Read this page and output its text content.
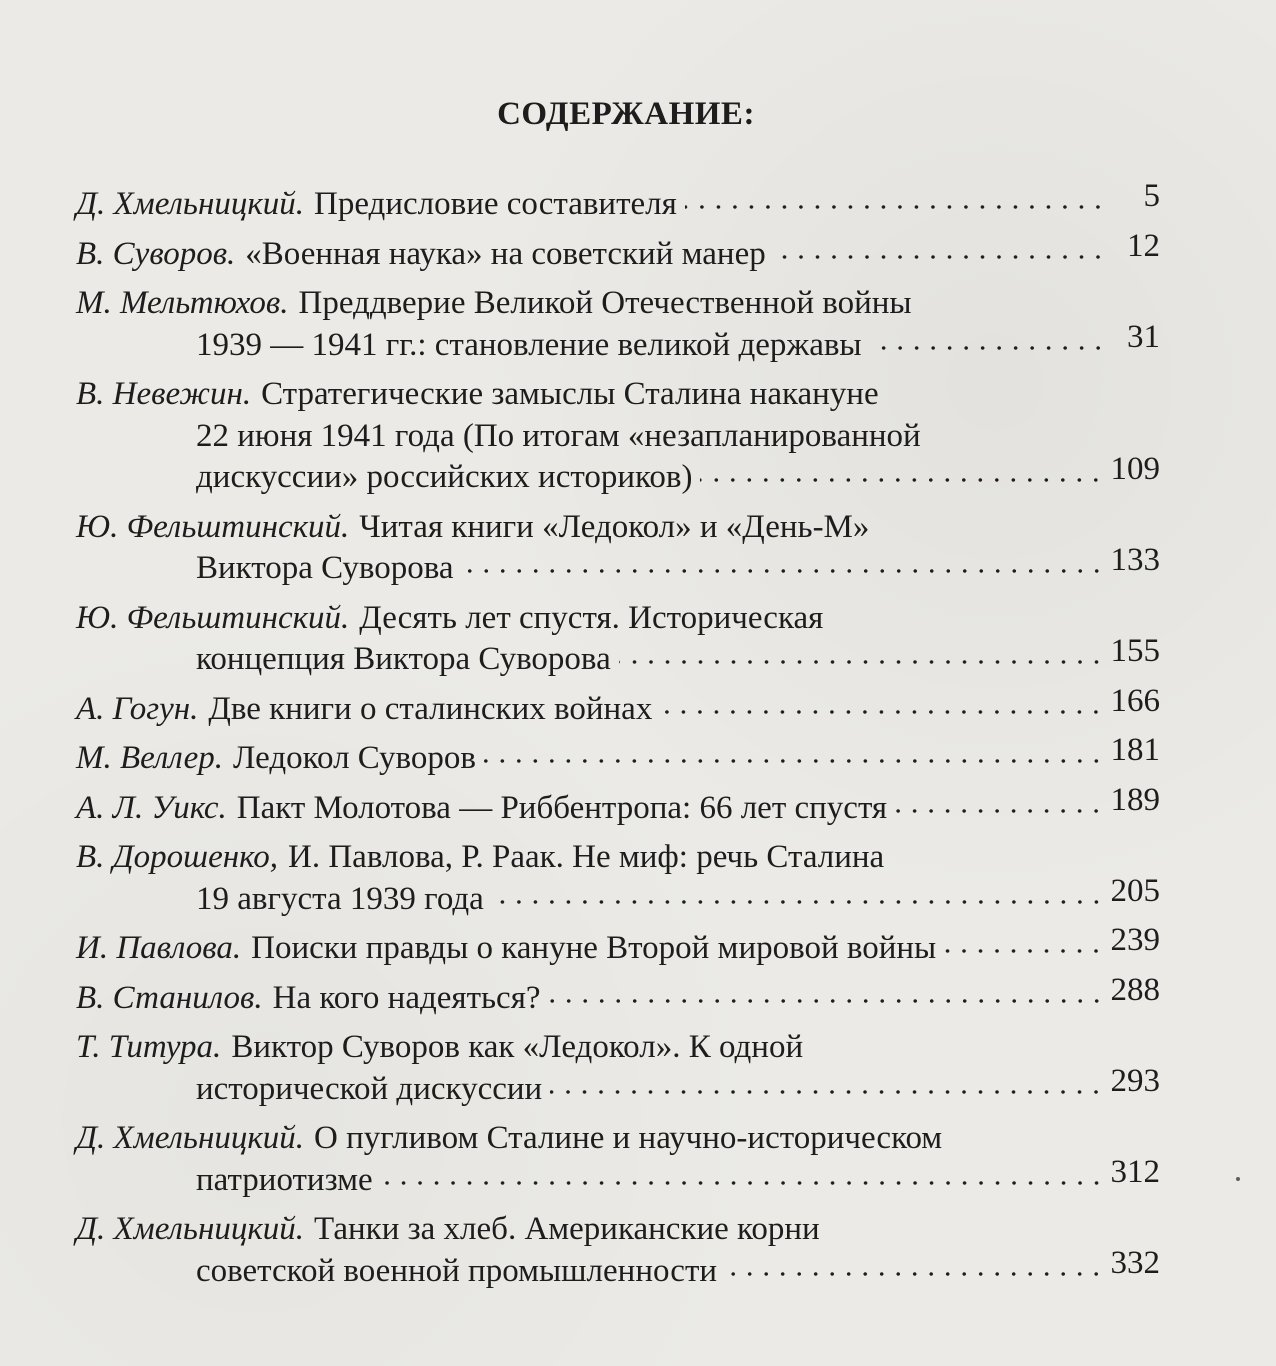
СОДЕРЖАНИЕ:
Д. Хмельницкий. Предисловие составителя	5
В. Суворов. «Военная наука» на советский манер	12
М. Мельтюхов. Преддверие Великой Отечественной войны
1939 — 1941 гг.: становление великой державы	31
В. Невежин. Стратегические замыслы Сталина накануне
22 июня 1941 года (По итогам «незапланированной
дискуссии» российских историков)	109
Ю. Фельштинский. Читая книги «Ледокол» и «День-М»
Виктора Суворова	133
Ю. Фельштинский. Десять лет спустя. Историческая
концепция Виктора Суворова	155
А. Гогун. Две книги о сталинских войнах	166
М. Веллер. Ледокол Суворов	181
А. Л. Уикс. Пакт Молотова — Риббентропа: 66 лет спустя	189
В. Дорошенко, И. Павлова, Р. Раак. Не миф: речь Сталина
19 августа 1939 года	205
И. Павлова. Поиски правды о кануне Второй мировой войны	239
В. Станилов. На кого надеяться?	288
Т. Титура. Виктор Суворов как «Ледокол». К одной
исторической дискуссии	293
Д. Хмельницкий. О пугливом Сталине и научно-историческом
патриотизме	312
Д. Хмельницкий. Танки за хлеб. Американские корни
советской военной промышленности	332
